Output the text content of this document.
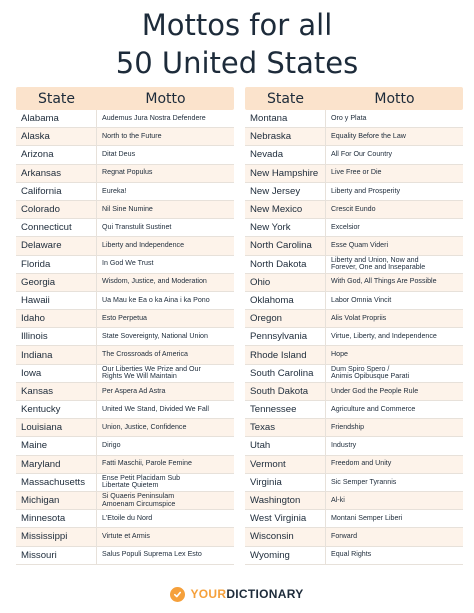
Mottos for all
50 United States
State	Motto
Alabama	Audemus Jura Nostra Defendere
Alaska	North to the Future
Arizona	Ditat Deus
Arkansas	Regnat Populus
California	Eureka!
Colorado	Nil Sine Numine
Connecticut	Qui Transtulit Sustinet
Delaware	Liberty and Independence
Florida	In God We Trust
Georgia	Wisdom, Justice, and Moderation
Hawaii	Ua Mau ke Ea o ka Aina i ka Pono
Idaho	Esto Perpetua
Illinois	State Sovereignty, National Union
Indiana	The Crossroads of America
Iowa	Our Liberties We Prize and Our
Rights We Will Maintain
Kansas	Per Aspera Ad Astra
Kentucky	United We Stand, Divided We Fall
Louisiana	Union, Justice, Confidence
Maine	Dirigo
Maryland	Fatti Maschii, Parole Femine
Massachusetts	Ense Petit Placidam Sub
Libertate Quietem
Michigan	Si Quaeris Peninsulam
Amoenam Circumspice
Minnesota	L'Etoile du Nord
Mississippi	Virtute et Armis
Missouri	Salus Populi Suprema Lex Esto
State	Motto
Montana	Oro y Plata
Nebraska	Equality Before the Law
Nevada	All For Our Country
New Hampshire	Live Free or Die
New Jersey	Liberty and Prosperity
New Mexico	Crescit Eundo
New York	Excelsior
North Carolina	Esse Quam Videri
North Dakota	Liberty and Union, Now and
Forever, One and Inseparable
Ohio	With God, All Things Are Possible
Oklahoma	Labor Omnia Vincit
Oregon	Alis Volat Propriis
Pennsylvania	Virtue, Liberty, and Independence
Rhode Island	Hope
South Carolina	Dum Spiro Spero /
Animis Opibusque Parati
South Dakota	Under God the People Rule
Tennessee	Agriculture and Commerce
Texas	Friendship
Utah	Industry
Vermont	Freedom and Unity
Virginia	Sic Semper Tyrannis
Washington	Al-ki
West Virginia	Montani Semper Liberi
Wisconsin	Forward
Wyoming	Equal Rights
YOURDICTIONARY
